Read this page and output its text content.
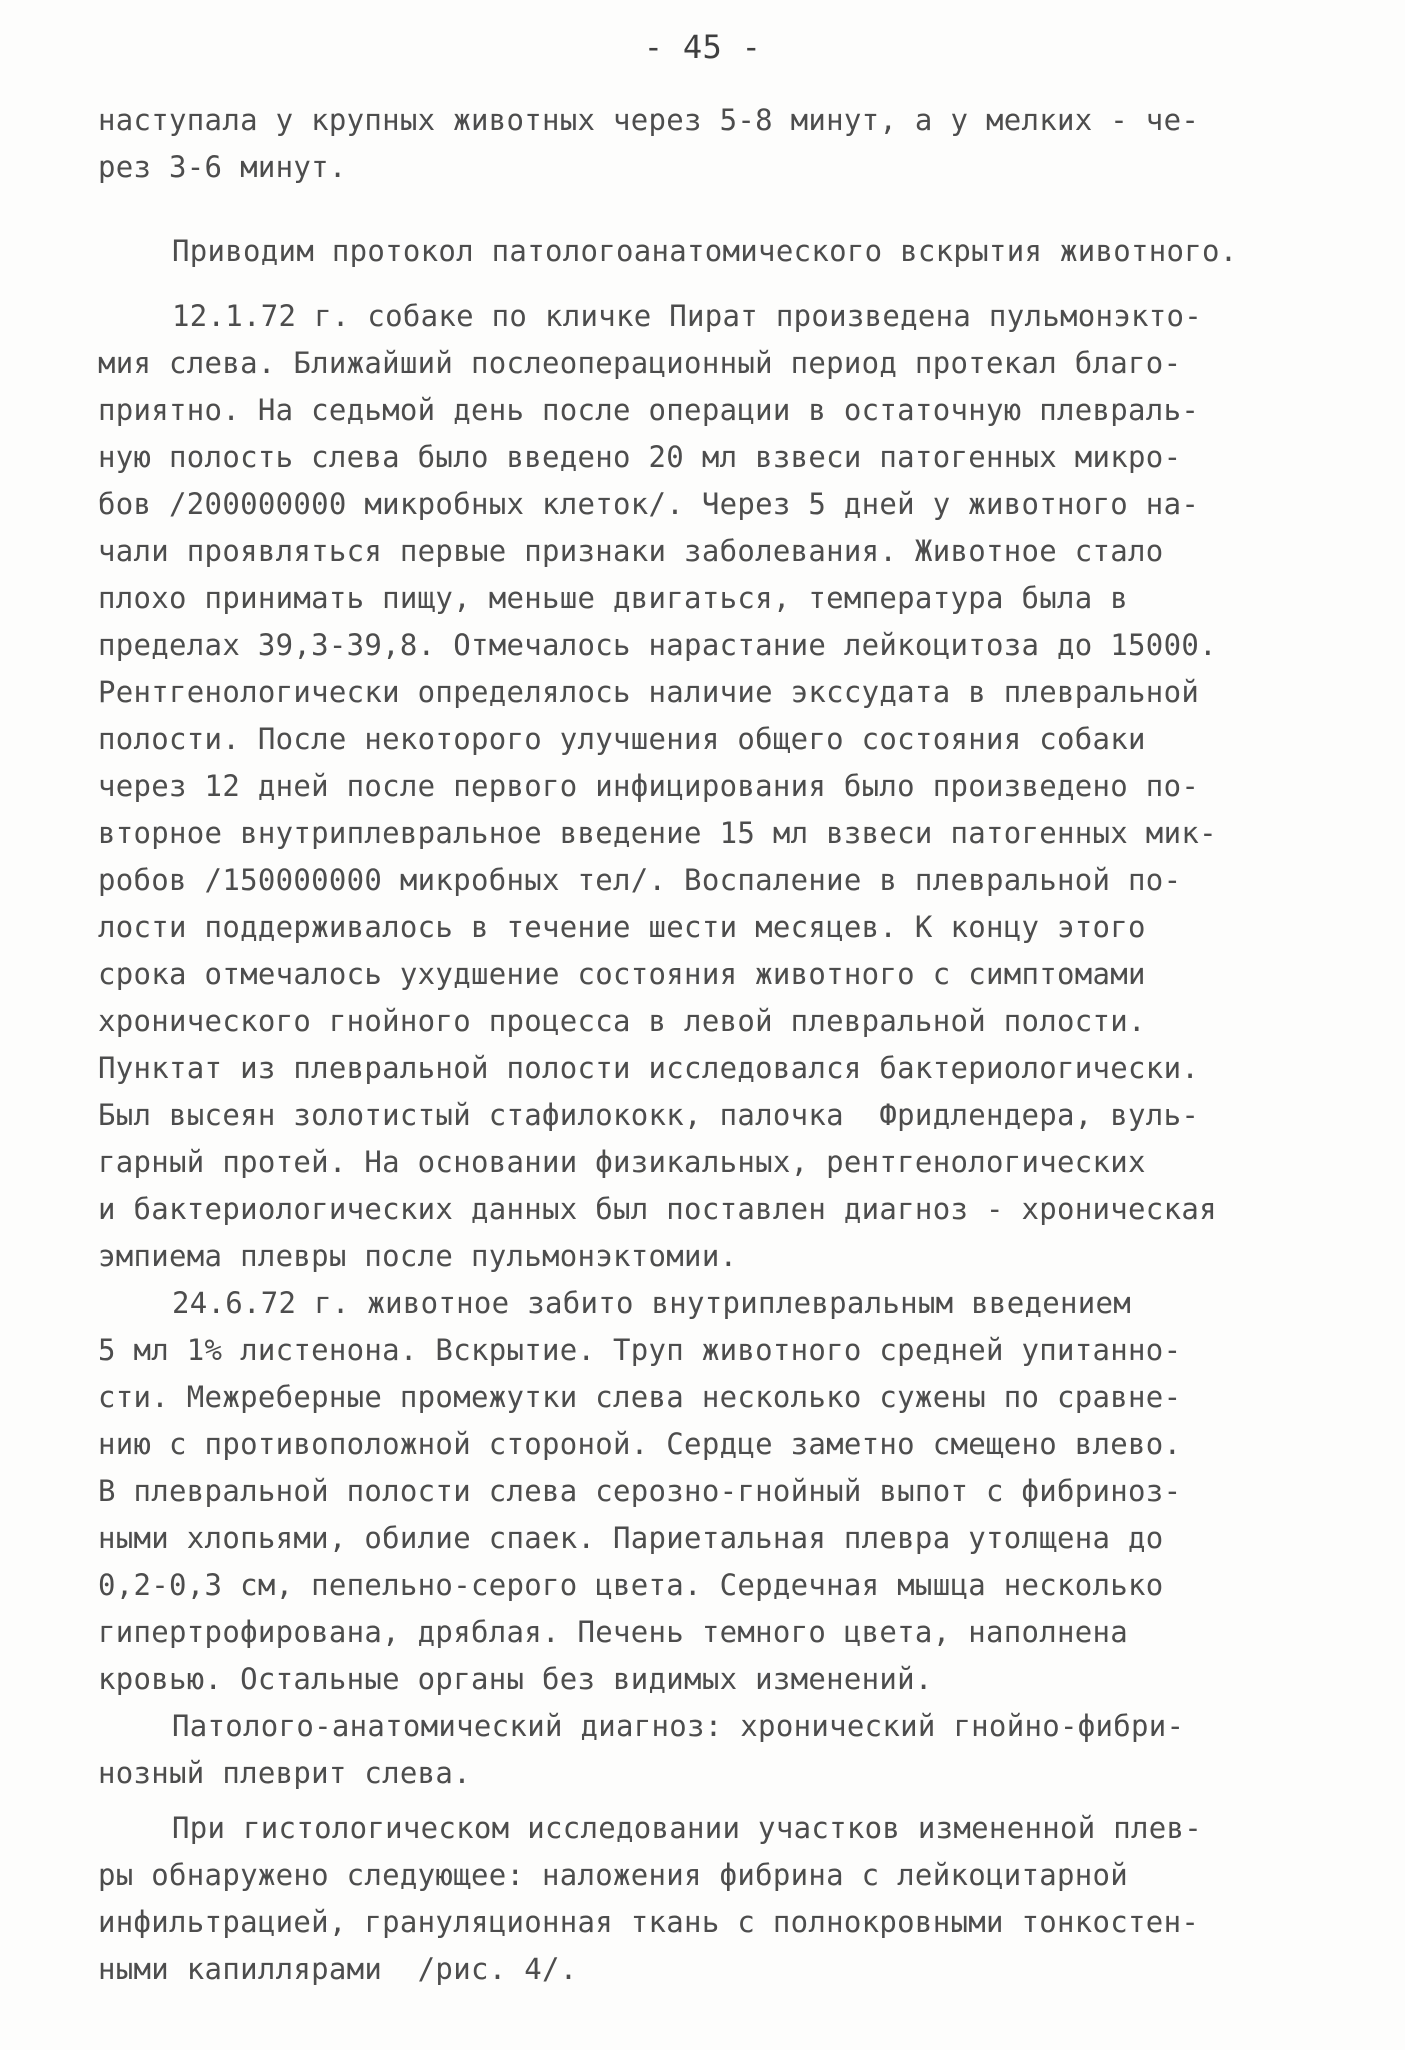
- 45 -

наступала у крупных животных через 5-8 минут, а у мелких - че-

рез 3-6 минут.

Приводим протокол патологоанатомического вскрытия животного.

12.1.72 г. собаке по кличке Пират произведена пульмонэкто-

мия слева. Ближайший послеоперационный период протекал благо-

приятно. На седьмой день после операции в остаточную плевраль-

ную полость слева было введено 20 мл взвеси патогенных микро-

бов /200000000 микробных клеток/. Через 5 дней у животного на-

чали проявляться первые признаки заболевания. Животное стало

плохо принимать пищу, меньше двигаться, температура была в

пределах 39,3-39,8. Отмечалось нарастание лейкоцитоза до 15000.

Рентгенологически определялось наличие экссудата в плевральной

полости. После некоторого улучшения общего состояния собаки

через 12 дней после первого инфицирования было произведено по-

вторное внутриплевральное введение 15 мл взвеси патогенных мик-

робов /150000000 микробных тел/. Воспаление в плевральной по-

лости поддерживалось в течение шести месяцев. К концу этого

срока отмечалось ухудшение состояния животного с симптомами

хронического гнойного процесса в левой плевральной полости.

Пунктат из плевральной полости исследовался бактериологически.

Был высеян золотистый стафилококк, палочка  Фридлендера, вуль-

гарный протей. На основании физикальных, рентгенологических

и бактериологических данных был поставлен диагноз - хроническая

эмпиема плевры после пульмонэктомии.

24.6.72 г. животное забито внутриплевральным введением

5 мл 1% листенона. Вскрытие. Труп животного средней упитанно-

сти. Межреберные промежутки слева несколько сужены по сравне-

нию с противоположной стороной. Сердце заметно смещено влево.

В плевральной полости слева серозно-гнойный выпот с фибриноз-

ными хлопьями, обилие спаек. Париетальная плевра утолщена до

0,2-0,3 см, пепельно-серого цвета. Сердечная мышца несколько

гипертрофирована, дряблая. Печень темного цвета, наполнена

кровью. Остальные органы без видимых изменений.

Патолого-анатомический диагноз: хронический гнойно-фибри-

нозный плеврит слева.

При гистологическом исследовании участков измененной плев-

ры обнаружено следующее: наложения фибрина с лейкоцитарной

инфильтрацией, грануляционная ткань с полнокровными тонкостен-

ными капиллярами  /рис. 4/.
